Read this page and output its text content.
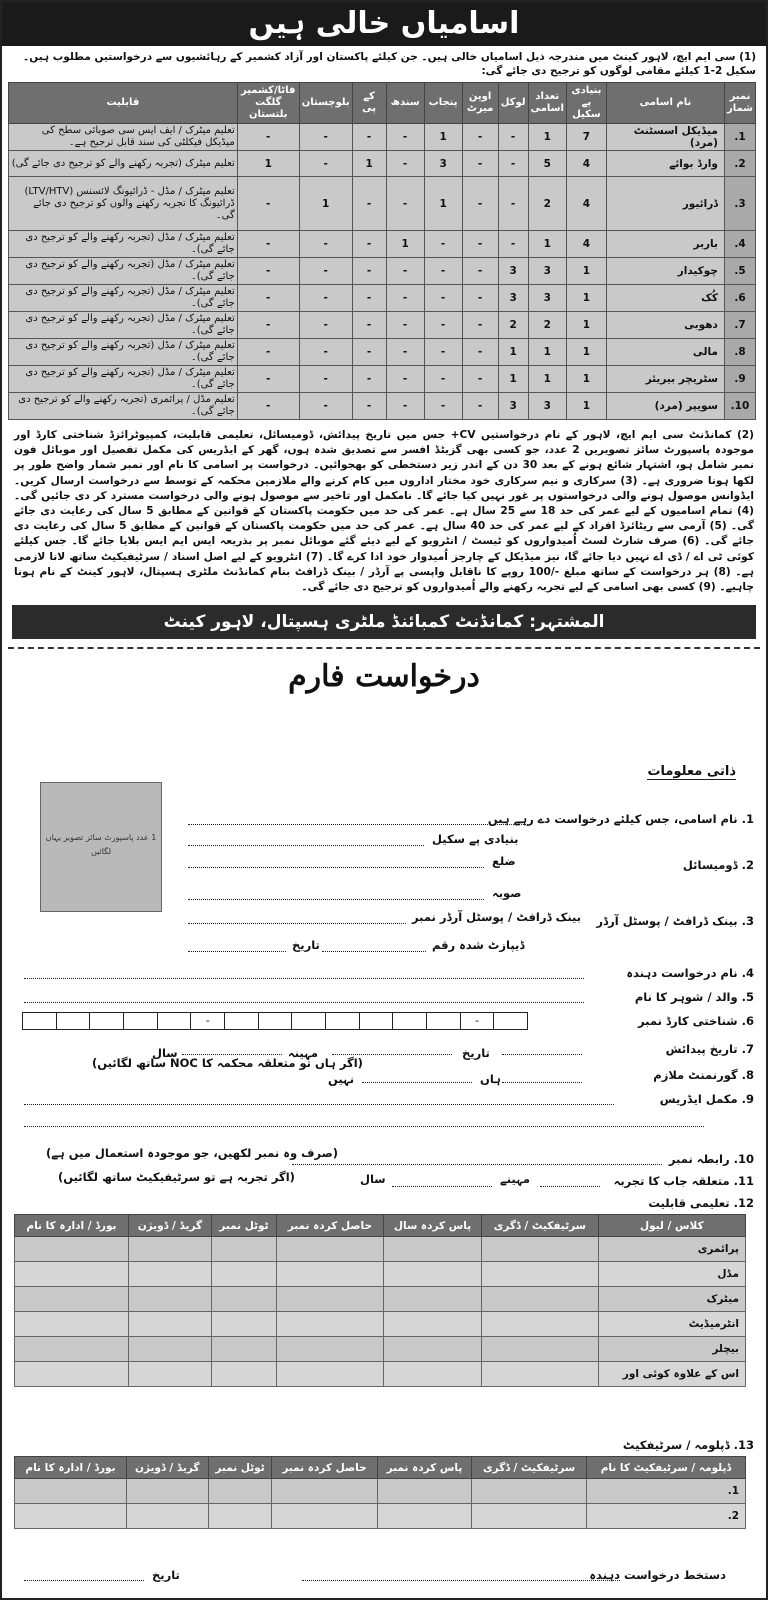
اسامیاں خالی ہیں
(1) سی ایم ایچ، لاہور کینٹ میں مندرجہ ذیل اسامیاں خالی ہیں۔ جن کیلئے پاکستان اور آزاد کشمیر کے رہائشیوں سے درخواستیں مطلوب ہیں۔ سکیل 2-1 کیلئے مقامی لوگوں کو ترجیح دی جائے گی:
نمبر شمار	نام اسامی	بنیادی پے سکیل	تعداد اسامی	لوکل	اوپن میرٹ	پنجاب	سندھ	کے پی	بلوچستان	فاٹا/کشمیر گلگت بلتستان	قابلیت
1.	میڈیکل اسسٹنٹ (مرد)	7	1	-	-	1	-	-	-	-	تعلیم میٹرک / ایف ایس سی صوبائی سطح کی میڈیکل فیکلٹی کی سند قابل ترجیح ہے۔
2.	وارڈ بوائے	4	5	-	-	3	-	1	-	1	تعلیم میٹرک (تجربہ رکھنے والے کو ترجیح دی جائے گی)
3.	ڈرائیور	4	2	-	-	1	-	-	1	-	تعلیم میٹرک / مڈل - ڈرائیونگ لائسنس (LTV/HTV) ڈرائیونگ کا تجربہ رکھنے والوں کو ترجیح دی جائے گی۔
4.	باربر	4	1	-	-	-	1	-	-	-	تعلیم میٹرک / مڈل (تجربہ رکھنے والے کو ترجیح دی جائے گی)۔
5.	چوکیدار	1	3	3	-	-	-	-	-	-	تعلیم میٹرک / مڈل (تجربہ رکھنے والے کو ترجیح دی جائے گی)۔
6.	کُک	1	3	3	-	-	-	-	-	-	تعلیم میٹرک / مڈل (تجربہ رکھنے والے کو ترجیح دی جائے گی)۔
7.	دھوبی	1	2	2	-	-	-	-	-	-	تعلیم میٹرک / مڈل (تجربہ رکھنے والے کو ترجیح دی جائے گی)۔
8.	مالی	1	1	1	-	-	-	-	-	-	تعلیم میٹرک / مڈل (تجربہ رکھنے والے کو ترجیح دی جائے گی)۔
9.	سٹریچر بیریئر	1	1	1	-	-	-	-	-	-	تعلیم میٹرک / مڈل (تجربہ رکھنے والے کو ترجیح دی جائے گی)۔
10.	سویپر (مرد)	1	3	3	-	-	-	-	-	-	تعلیم مڈل / پرائمری (تجربہ رکھنے والے کو ترجیح دی جائے گی)۔
(2) کمانڈنٹ سی ایم ایچ، لاہور کے نام درخواستیں CV+ جس میں تاریخ پیدائش، ڈومیسائل، تعلیمی قابلیت، کمپیوٹرائزڈ شناختی کارڈ اور موجودہ پاسپورٹ سائز تصویریں 2 عدد، جو کسی بھی گزیٹڈ افسر سے تصدیق شدہ ہوں، گھر کے ایڈریس کی مکمل تفصیل اور موبائل فون نمبر شامل ہو، اشتہار شائع ہونے کے بعد 30 دن کے اندر زیر دستخطی کو بھجوائیں۔ درخواست پر اسامی کا نام اور نمبر شمار واضح طور پر لکھا ہونا ضروری ہے۔ (3) سرکاری و نیم سرکاری خود مختار اداروں میں کام کرنے والے ملازمین محکمہ کے توسط سے درخواست ارسال کریں۔ ایڈوانس موصول ہونے والی درخواستوں پر غور نہیں کیا جائے گا۔ نامکمل اور تاخیر سے موصول ہونے والی درخواست مسترد کر دی جائیں گی۔ (4) تمام اسامیوں کے لیے عمر کی حد 18 سے 25 سال ہے۔ عمر کی حد میں حکومت پاکستان کے قوانین کے مطابق 5 سال کی رعایت دی جائے گی۔ (5) آرمی سے ریٹائرڈ افراد کے لیے عمر کی حد 40 سال ہے۔ عمر کی حد میں حکومت پاکستان کے قوانین کے مطابق 5 سال کی رعایت دی جائے گی۔ (6) صرف شارٹ لسٹ اُمیدواروں کو ٹیسٹ / انٹرویو کے لیے دیئے گئے موبائل نمبر پر بذریعہ ایس ایم ایس بلایا جائے گا۔ جس کیلئے کوئی ٹی اے / ڈی اے نہیں دیا جائے گا، نیز میڈیکل کے چارجز اُمیدوار خود ادا کرے گا۔ (7) انٹرویو کے لیے اصل اسناد / سرٹیفیکیٹ ساتھ لانا لازمی ہے۔ (8) ہر درخواست کے ساتھ مبلغ -/100 روپے کا ناقابل واپسی پے آرڈر / بینک ڈرافٹ بنام کمانڈنٹ ملٹری ہسپتال، لاہور کینٹ کے نام ہونا چاہیے۔ (9) کسی بھی اسامی کے لیے تجربہ رکھنے والے اُمیدواروں کو ترجیح دی جائے گی۔
المشتہر: کمانڈنٹ کمبائنڈ ملٹری ہسپتال، لاہور کینٹ
درخواست فارم
ذاتی معلومات
1 عدد پاسپورٹ سائز تصویر یہاں لگائیں
1. نام اسامی، جس کیلئے درخواست دے رہے ہیں
بنیادی پے سکیل
2. ڈومیسائل
ضلع
صوبہ
3. بینک ڈرافٹ / پوسٹل آرڈر
بینک ڈرافٹ / پوسٹل آرڈر نمبر
ڈیپازٹ شدہ رقم
تاریخ
4. نام درخواست دہندہ
5. والد / شوہر کا نام
6. شناختی کارڈ نمبر
-	-
7. تاریخ پیدائش
تاریخ
مہینہ
سال
8. گورنمنٹ ملازم
ہاں
نہیں
(اگر ہاں تو متعلقہ محکمہ کا NOC ساتھ لگائیں)
9. مکمل ایڈریس
10. رابطہ نمبر
(صرف وہ نمبر لکھیں، جو موجودہ استعمال میں ہے)
11. متعلقہ جاب کا تجربہ
مہینے
سال
(اگر تجربہ ہے تو سرٹیفیکیٹ ساتھ لگائیں)
12. تعلیمی قابلیت
کلاس / لیول	سرٹیفکیٹ / ڈگری	پاس کردہ سال	حاصل کردہ نمبر	ٹوٹل نمبر	گریڈ / ڈویژن	بورڈ / ادارہ کا نام
پرائمری						
مڈل						
میٹرک						
انٹرمیڈیٹ						
بیچلر						
اس کے علاوہ کوئی اور						
13. ڈپلومہ / سرٹیفکیٹ
ڈپلومہ / سرٹیفکیٹ کا نام	سرٹیفکیٹ / ڈگری	پاس کردہ نمبر	حاصل کردہ نمبر	ٹوٹل نمبر	گریڈ / ڈویژن	بورڈ / ادارہ کا نام
1.						
2.						
دستخط درخواست دہندہ
تاریخ
